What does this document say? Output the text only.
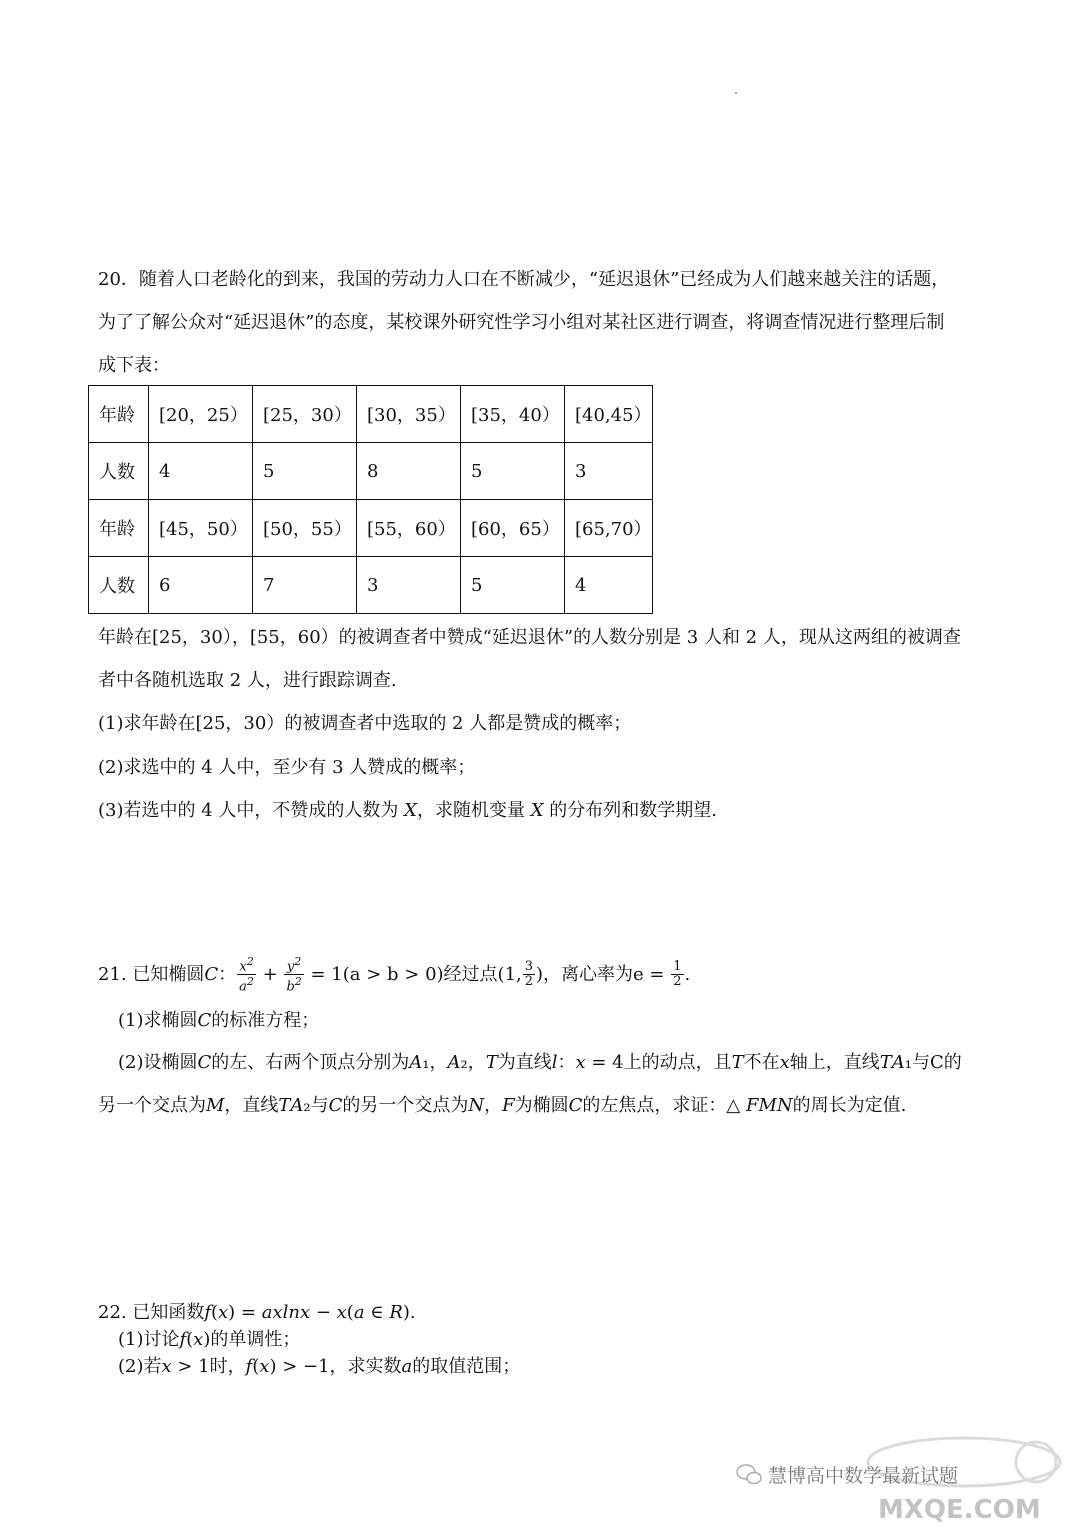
20．随着人口老龄化的到来，我国的劳动力人口在不断减少，“延迟退休”已经成为人们越来越关注的话题，
为了了解公众对“延迟退休”的态度，某校课外研究性学习小组对某社区进行调查，将调查情况进行整理后制
成下表：
年龄	[20，25）	[25，30）	[30，35）	[35，40）	[40,45）
人数	4	5	8	5	3
年龄	[45，50）	[50，55）	[55，60）	[60，65）	[65,70）
人数	6	7	3	5	4
年龄在[25，30），[55，60）的被调查者中赞成“延迟退休”的人数分别是 3 人和 2 人，现从这两组的被调查
者中各随机选取 2 人，进行跟踪调查.
(1)求年龄在[25，30）的被调查者中选取的 2 人都是赞成的概率；
(2)求选中的 4 人中，至少有 3 人赞成的概率；
(3)若选中的 4 人中，不赞成的人数为 X，求随机变量 X 的分布列和数学期望.
21. 已知椭圆C： $\frac{x^2}{a^2} + \frac{y^2}{b^2} = 1(a > b > 0)$经过点(1, $\frac{3}{2}$ )，离心率为$e = \frac{1}{2}$ .
(1)求椭圆C的标准方程；
(2)设椭圆𝐶的左、右两个顶点分别为𝐴₁，𝐴₂，𝑇为直线𝑙：𝑥 = 4上的动点，且𝑇不在𝑥轴上，直线𝑇𝐴₁与C的
另一个交点为𝑀，直线𝑇𝐴₂与𝐶的另一个交点为𝑁，𝐹为椭圆𝐶的左焦点，求证：△ 𝐹𝑀𝑁的周长为定值.
22. 已知函数𝑓(𝑥) = 𝑎𝑥𝑙𝑛𝑥 − 𝑥(𝑎 ∈ 𝑅).
(1)讨论𝑓(𝑥)的单调性；
(2)若𝑥 > 1时，𝑓(𝑥) > −1，求实数𝑎的取值范围；
慧博高中数学最新试题
MXQE.COM
